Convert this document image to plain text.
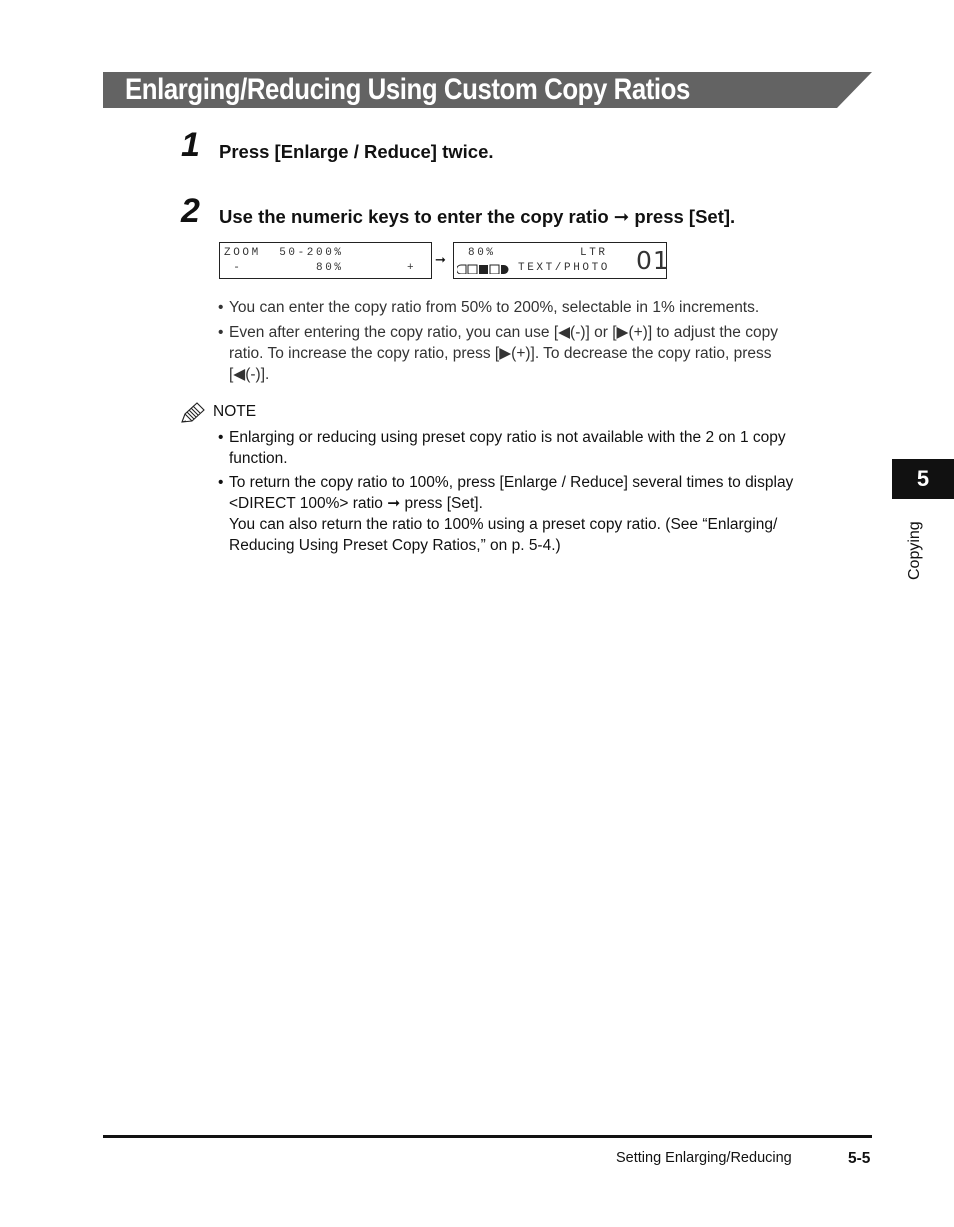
Enlarging/Reducing Using Custom Copy Ratios
1 Press [Enlarge / Reduce] twice.
2 Use the numeric keys to enter the copy ratio ➞ press [Set].
ZOOM  50-200%
-	80%	+
➞ 80%	LTR
TEXT/PHOTO 01
• You can enter the copy ratio from 50% to 200%, selectable in 1% increments.
• Even after entering the copy ratio, you can use [◀(-)] or [▶(+)] to adjust the copy
ratio. To increase the copy ratio, press [▶(+)]. To decrease the copy ratio, press
[◀(-)].
NOTE
• Enlarging or reducing using preset copy ratio is not available with the 2 on 1 copy
function.
• To return the copy ratio to 100%, press [Enlarge / Reduce] several times to display
<DIRECT 100%> ratio ➞ press [Set].
You can also return the ratio to 100% using a preset copy ratio. (See “Enlarging/
Reducing Using Preset Copy Ratios,” on p. 5-4.)
5
Copying
Setting Enlarging/Reducing	5-5
